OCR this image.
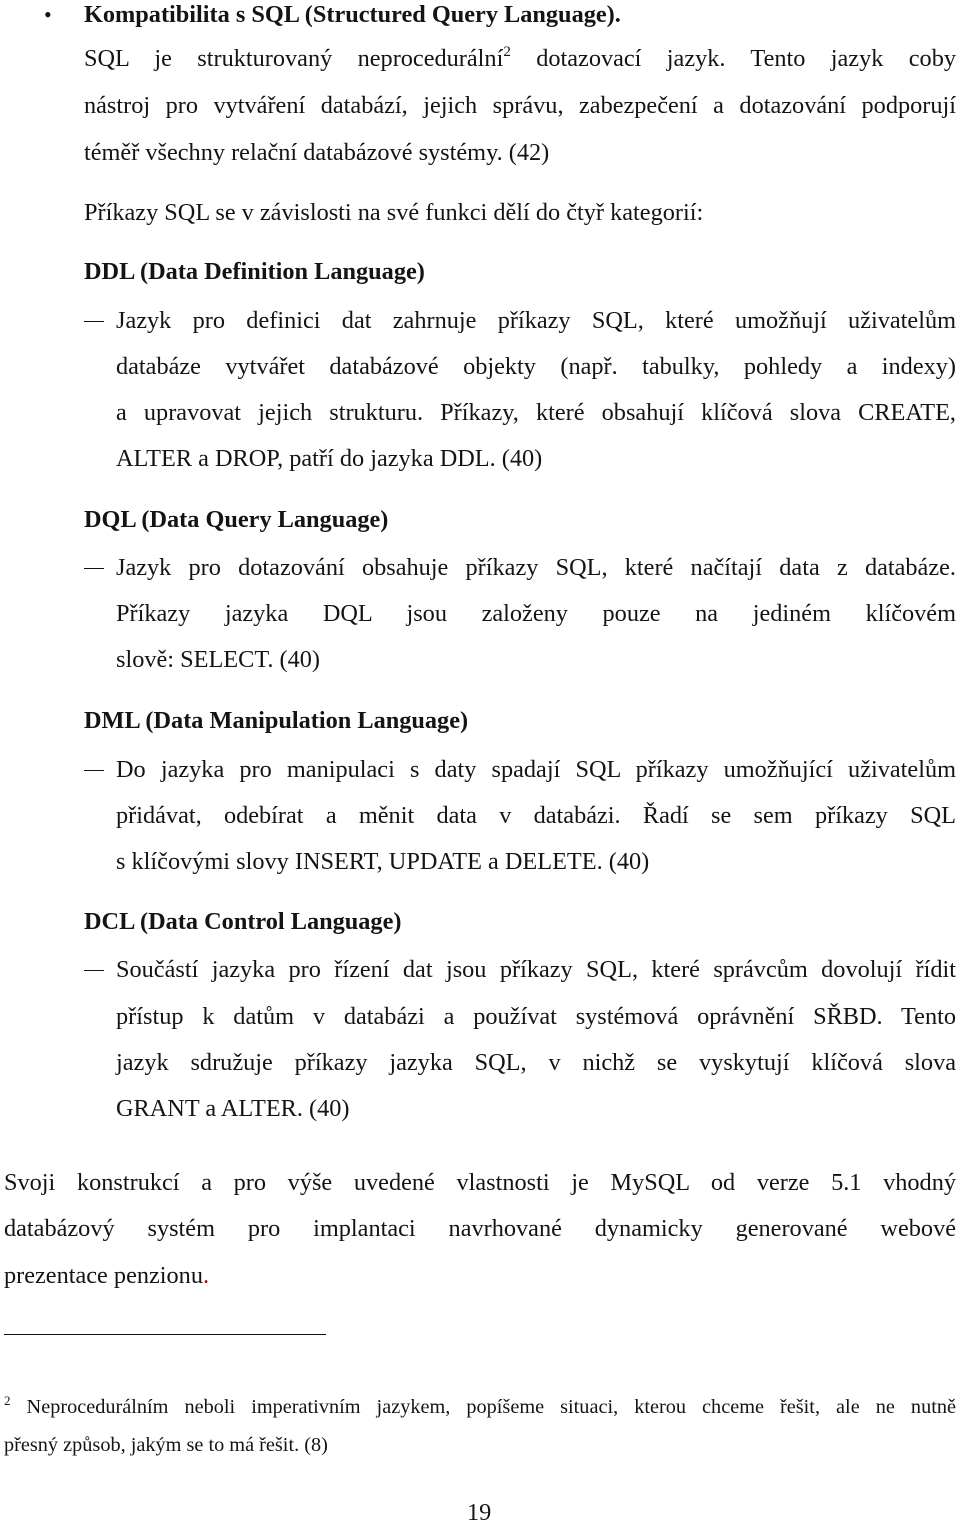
• Kompatibilita s SQL (Structured Query Language).

SQL je strukturovaný neprocedurální$^2$ dotazovací jazyk. Tento jazyk coby

nástroj pro vytváření databází, jejich správu, zabezpečení a dotazování podporují

téměř všechny relační databázové systémy. (42)

Příkazy SQL se v závislosti na své funkci dělí do čtyř kategorií:

DDL (Data Definition Language)

Jazyk pro definici dat zahrnuje příkazy SQL, které umožňují uživatelům

databáze vytvářet databázové objekty (např. tabulky, pohledy a indexy)

a upravovat jejich strukturu. Příkazy, které obsahují klíčová slova CREATE,

ALTER a DROP, patří do jazyka DDL. (40)

DQL (Data Query Language)

Jazyk pro dotazování obsahuje příkazy SQL, které načítají data z databáze.

Příkazy jazyka DQL jsou založeny pouze na jediném klíčovém

slově: SELECT. (40)

DML (Data Manipulation Language)

Do jazyka pro manipulaci s daty spadají SQL příkazy umožňující uživatelům

přidávat, odebírat a měnit data v databázi. Řadí se sem příkazy SQL

s klíčovými slovy INSERT, UPDATE a DELETE. (40)

DCL (Data Control Language)

Součástí jazyka pro řízení dat jsou příkazy SQL, které správcům dovolují řídit

přístup k datům v databázi a používat systémová oprávnění SŘBD. Tento

jazyk sdružuje příkazy jazyka SQL, v nichž se vyskytují klíčová slova

GRANT a ALTER. (40)

Svoji konstrukcí a pro výše uvedené vlastnosti je MySQL od verze 5.1 vhodný

databázový systém pro implantaci navrhované dynamicky generované webové

prezentace penzionu.

$^2$ Neprocedurálním neboli imperativním jazykem, popíšeme situaci, kterou chceme řešit, ale ne nutně

přesný způsob, jakým se to má řešit. (8)

19
